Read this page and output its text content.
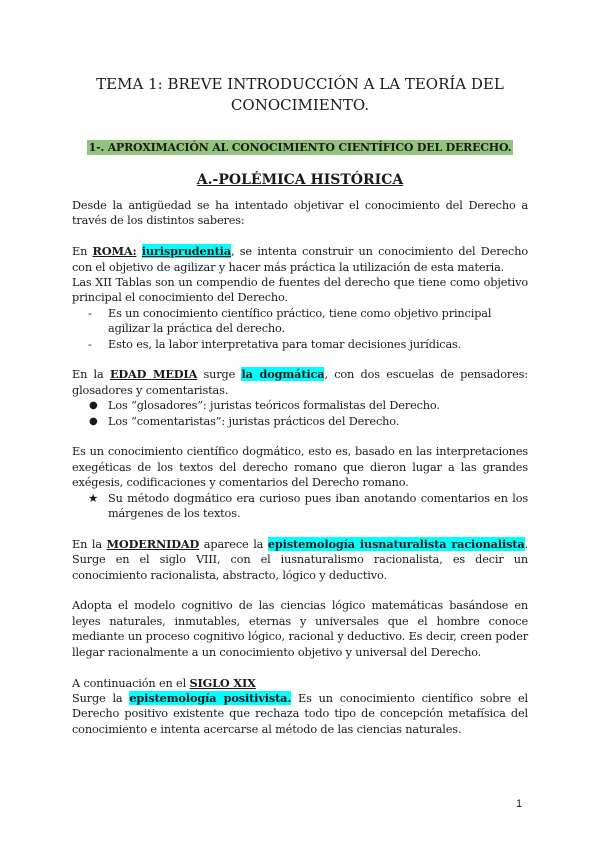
TEMA 1: BREVE INTRODUCCIÓN A LA TEORÍA DEL CONOCIMIENTO.
1-. APROXIMACIÓN AL CONOCIMIENTO CIENTÍFICO DEL DERECHO.
A.-POLÉMICA HISTÓRICA

Desde la antigüedad se ha intentado objetivar el conocimiento del Derecho a través de los distintos saberes:

En ROMA: iurisprudentia, se intenta construir un conocimiento del Derecho con el objetivo de agilizar y hacer más práctica la utilización de esta materia.

Las XII Tablas son un compendio de fuentes del derecho que tiene como objetivo principal el conocimiento del Derecho.

- Es un conocimiento científico práctico, tiene como objetivo principal agilizar la práctica del derecho.
- Esto es, la labor interpretativa para tomar decisiones jurídicas.

En la EDAD MEDIA surge la dogmática, con dos escuelas de pensadores: glosadores y comentaristas.

● Los “glosadores”: juristas teóricos formalistas del Derecho.
● Los “comentaristas”: juristas prácticos del Derecho.

Es un conocimiento científico dogmático, esto es, basado en las interpretaciones exegéticas de los textos del derecho romano que dieron lugar a las grandes exégesis, codificaciones y comentarios del Derecho romano.

★ Su método dogmático era curioso pues iban anotando comentarios en los márgenes de los textos.

En la MODERNIDAD aparece la epistemología iusnaturalista racionalista. Surge en el siglo VIII, con el iusnaturalismo racionalista, es decir un conocimiento racionalista, abstracto, lógico y deductivo.

Adopta el modelo cognitivo de las ciencias lógico matemáticas basándose en leyes naturales, inmutables, eternas y universales que el hombre conoce mediante un proceso cognitivo lógico, racional y deductivo. Es decir, creen poder llegar racionalmente a un conocimiento objetivo y universal del Derecho.

A continuación en el SIGLO XIX

Surge la epistemología positivista. Es un conocimiento científico sobre el Derecho positivo existente que rechaza todo tipo de concepción metafísica del conocimiento e intenta acercarse al método de las ciencias naturales.

1
